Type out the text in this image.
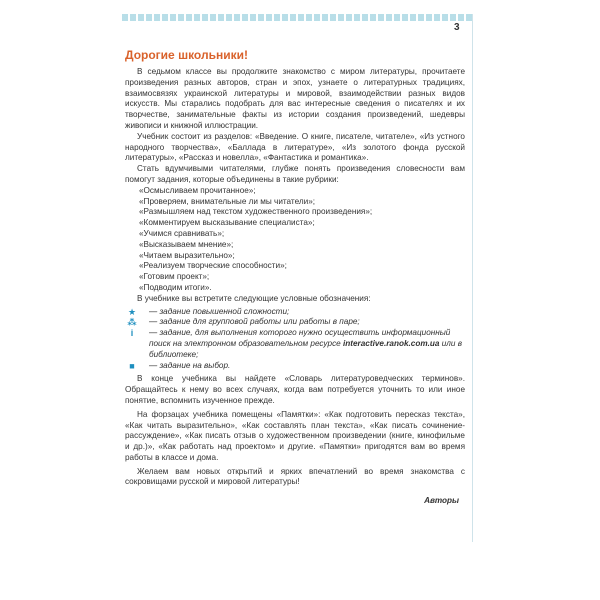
3
Дорогие школьники!

В седьмом классе вы продолжите знакомство с миром литературы, прочитаете произведения разных авторов, стран и эпох, узнаете о литературных традициях, взаимосвязях украинской литературы и мировой, взаимодействии разных видов искусств. Мы старались подобрать для вас интересные сведения о писателях и их творчестве, занимательные факты из истории создания произведений, шедевры живописи и книжной иллюстрации.

Учебник состоит из разделов: «Введение. О книге, писателе, читателе», «Из устного народного творчества», «Баллада в литературе», «Из золотого фонда русской литературы», «Рассказ и новелла», «Фантастика и романтика».

Стать вдумчивыми читателями, глубже понять произведения словесности вам помогут задания, которые объединены в такие рубрики:

«Осмысливаем прочитанное»;
«Проверяем, внимательные ли мы читатели»;
«Размышляем над текстом художественного произведения»;
«Комментируем высказывание специалиста»;
«Учимся сравнивать»;
«Высказываем мнение»;
«Читаем выразительно»;
«Реализуем творческие способности»;
«Готовим проект»;
«Подводим итоги».

В учебнике вы встретите следующие условные обозначения:

★	— задание повышенной сложности;
⁂ — задание для групповой работы или работы в паре;
i	— задание, для выполнения которого нужно осуществить информационный поиск на электронном образовательном ресурсе interactive.ranok.com.ua или в библиотеке;
■	— задание на выбор.

В конце учебника вы найдете «Словарь литературоведческих терминов». Обращайтесь к нему во всех случаях, когда вам потребуется уточнить то или иное понятие, вспомнить изученное прежде.

На форзацах учебника помещены «Памятки»: «Как подготовить пересказ текста», «Как читать выразительно», «Как составлять план текста», «Как писать сочинение-рассуждение», «Как писать отзыв о художественном произведении (книге, кинофильме и др.)», «Как работать над проектом» и другие. «Памятки» пригодятся вам во время работы в классе и дома.

Желаем вам новых открытий и ярких впечатлений во время знакомства с сокровищами русской и мировой литературы!

Авторы
